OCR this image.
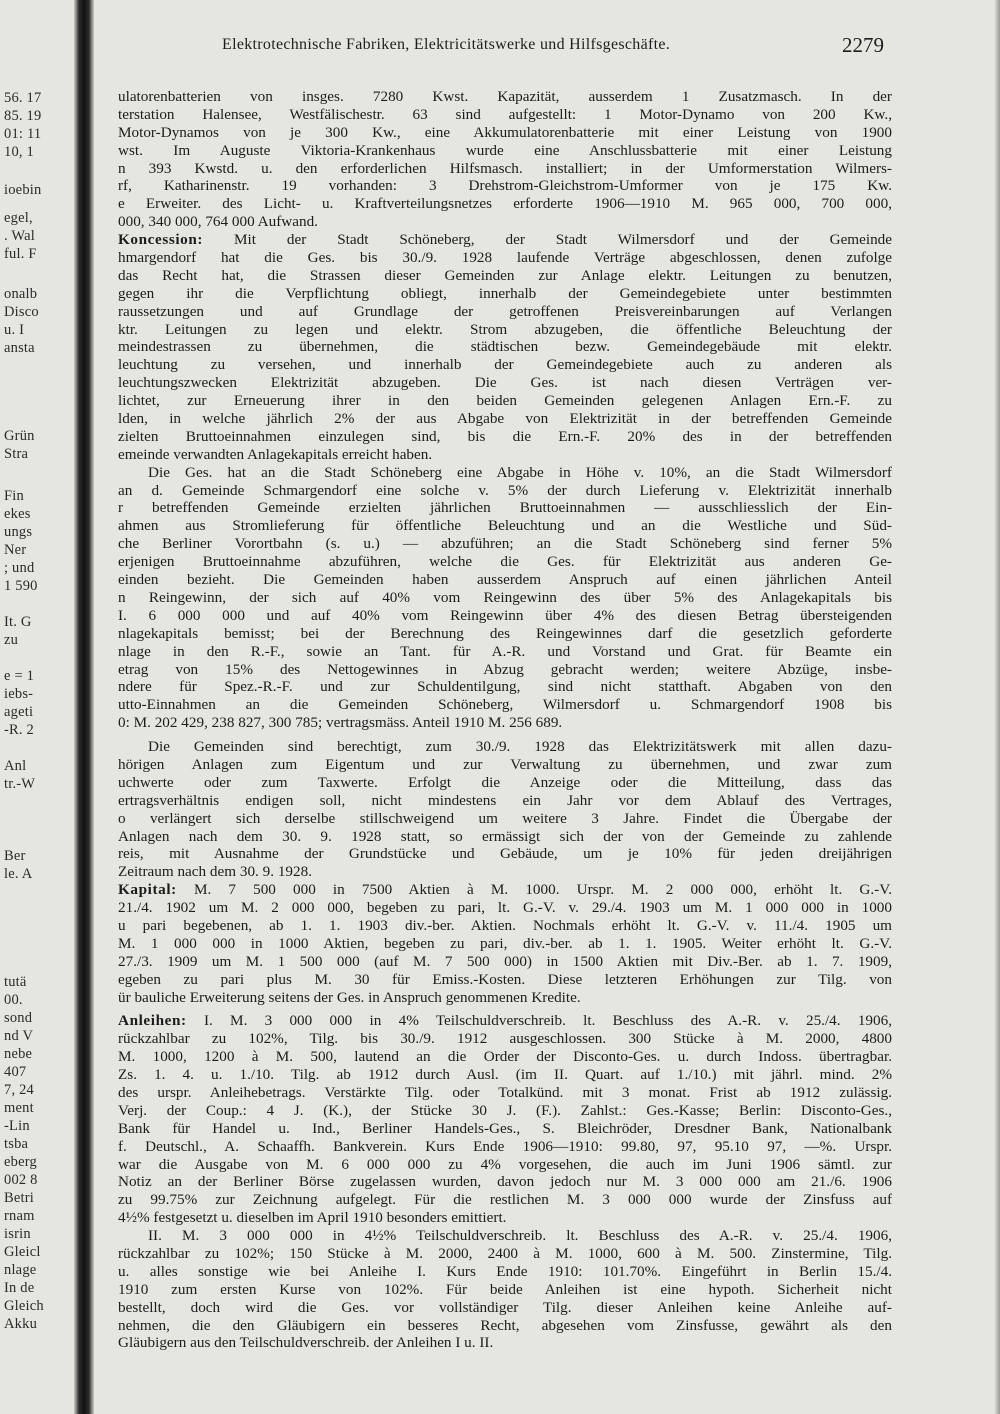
56. 17
85. 19
01: 11
10, 1
ioebin
egel,
. Wal
ful. F
onalb
Disco
u. I
ansta
Grün
Stra
Fin
ekes
ungs
Ner
; und
1 590
It. G
zu
e = 1
iebs-
ageti
-R. 2
Anl
tr.-W
Ber
le. A
tutä
00.
sond
nd V
nebe
407
7, 24
ment
-Lin
tsba
eberg
002 8
Betri
rnam
isrin
Gleicl
nlage
In de
Gleich
Akku
Elektrotechnische Fabriken, Elektricitätswerke und Hilfsgeschäfte.	2279
ulatorenbatterien von insges. 7280 Kwst. Kapazität, ausserdem 1 Zusatzmasch. In der
terstation Halensee, Westfälischestr. 63 sind aufgestellt: 1 Motor-Dynamo von 200 Kw.,
Motor-Dynamos von je 300 Kw., eine Akkumulatorenbatterie mit einer Leistung von 1900
wst. Im Auguste Viktoria-Krankenhaus wurde eine Anschlussbatterie mit einer Leistung
n 393 Kwstd. u. den erforderlichen Hilfsmasch. installiert; in der Umformerstation Wilmers-
rf, Katharinenstr. 19 vorhanden: 3 Drehstrom-Gleichstrom-Umformer von je 175 Kw.
e Erweiter. des Licht- u. Kraftverteilungsnetzes erforderte 1906—1910 M. 965 000, 700 000,
000, 340 000, 764 000 Aufwand.
Koncession: Mit der Stadt Schöneberg, der Stadt Wilmersdorf und der Gemeinde
hmargendorf hat die Ges. bis 30./9. 1928 laufende Verträge abgeschlossen, denen zufolge
das Recht hat, die Strassen dieser Gemeinden zur Anlage elektr. Leitungen zu benutzen,
gegen ihr die Verpflichtung obliegt, innerhalb der Gemeindegebiete unter bestimmten
raussetzungen und auf Grundlage der getroffenen Preisvereinbarungen auf Verlangen
ktr. Leitungen zu legen und elektr. Strom abzugeben, die öffentliche Beleuchtung der
meindestrassen zu übernehmen, die städtischen bezw. Gemeindegebäude mit elektr.
leuchtung zu versehen, und innerhalb der Gemeindegebiete auch zu anderen als
leuchtungszwecken Elektrizität abzugeben. Die Ges. ist nach diesen Verträgen ver-
lichtet, zur Erneuerung ihrer in den beiden Gemeinden gelegenen Anlagen Ern.-F. zu
lden, in welche jährlich 2% der aus Abgabe von Elektrizität in der betreffenden Gemeinde
zielten Bruttoeinnahmen einzulegen sind, bis die Ern.-F. 20% des in der betreffenden
emeinde verwandten Anlagekapitals erreicht haben.
Die Ges. hat an die Stadt Schöneberg eine Abgabe in Höhe v. 10%, an die Stadt Wilmersdorf
an d. Gemeinde Schmargendorf eine solche v. 5% der durch Lieferung v. Elektrizität innerhalb
r betreffenden Gemeinde erzielten jährlichen Bruttoeinnahmen — ausschliesslich der Ein-
ahmen aus Stromlieferung für öffentliche Beleuchtung und an die Westliche und Süd-
che Berliner Vorortbahn (s. u.) — abzuführen; an die Stadt Schöneberg sind ferner 5%
erjenigen Bruttoeinnahme abzuführen, welche die Ges. für Elektrizität aus anderen Ge-
einden bezieht. Die Gemeinden haben ausserdem Anspruch auf einen jährlichen Anteil
n Reingewinn, der sich auf 40% vom Reingewinn des über 5% des Anlagekapitals bis
I. 6 000 000 und auf 40% vom Reingewinn über 4% des diesen Betrag übersteigenden
nlagekapitals bemisst; bei der Berechnung des Reingewinnes darf die gesetzlich geforderte
nlage in den R.-F., sowie an Tant. für A.-R. und Vorstand und Grat. für Beamte ein
etrag von 15% des Nettogewinnes in Abzug gebracht werden; weitere Abzüge, insbe-
ndere für Spez.-R.-F. und zur Schuldentilgung, sind nicht statthaft. Abgaben von den
utto-Einnahmen an die Gemeinden Schöneberg, Wilmersdorf u. Schmargendorf 1908 bis
0: M. 202 429, 238 827, 300 785; vertragsmäss. Anteil 1910 M. 256 689.
Die Gemeinden sind berechtigt, zum 30./9. 1928 das Elektrizitätswerk mit allen dazu-
hörigen Anlagen zum Eigentum und zur Verwaltung zu übernehmen, und zwar zum
uchwerte oder zum Taxwerte. Erfolgt die Anzeige oder die Mitteilung, dass das
ertragsverhältnis endigen soll, nicht mindestens ein Jahr vor dem Ablauf des Vertrages,
o verlängert sich derselbe stillschweigend um weitere 3 Jahre. Findet die Übergabe der
Anlagen nach dem 30. 9. 1928 statt, so ermässigt sich der von der Gemeinde zu zahlende
reis, mit Ausnahme der Grundstücke und Gebäude, um je 10% für jeden dreijährigen
Zeitraum nach dem 30. 9. 1928.
Kapital: M. 7 500 000 in 7500 Aktien à M. 1000. Urspr. M. 2 000 000, erhöht lt. G.-V.
21./4. 1902 um M. 2 000 000, begeben zu pari, lt. G.-V. v. 29./4. 1903 um M. 1 000 000 in 1000
u pari begebenen, ab 1. 1. 1903 div.-ber. Aktien. Nochmals erhöht lt. G.-V. v. 11./4. 1905 um
M. 1 000 000 in 1000 Aktien, begeben zu pari, div.-ber. ab 1. 1. 1905. Weiter erhöht lt. G.-V.
27./3. 1909 um M. 1 500 000 (auf M. 7 500 000) in 1500 Aktien mit Div.-Ber. ab 1. 7. 1909,
egeben zu pari plus M. 30 für Emiss.-Kosten. Diese letzteren Erhöhungen zur Tilg. von
ür bauliche Erweiterung seitens der Ges. in Anspruch genommenen Kredite.
Anleihen: I. M. 3 000 000 in 4% Teilschuldverschreib. lt. Beschluss des A.-R. v. 25./4. 1906,
rückzahlbar zu 102%, Tilg. bis 30./9. 1912 ausgeschlossen. 300 Stücke à M. 2000, 4800
M. 1000, 1200 à M. 500, lautend an die Order der Disconto-Ges. u. durch Indoss. übertragbar.
Zs. 1. 4. u. 1./10. Tilg. ab 1912 durch Ausl. (im II. Quart. auf 1./10.) mit jährl. mind. 2%
des urspr. Anleihebetrags. Verstärkte Tilg. oder Totalkünd. mit 3 monat. Frist ab 1912 zulässig.
Verj. der Coup.: 4 J. (K.), der Stücke 30 J. (F.). Zahlst.: Ges.-Kasse; Berlin: Disconto-Ges.,
Bank für Handel u. Ind., Berliner Handels-Ges., S. Bleichröder, Dresdner Bank, Nationalbank
f. Deutschl., A. Schaaffh. Bankverein. Kurs Ende 1906—1910: 99.80, 97, 95.10 97, —%. Urspr.
war die Ausgabe von M. 6 000 000 zu 4% vorgesehen, die auch im Juni 1906 sämtl. zur
Notiz an der Berliner Börse zugelassen wurden, davon jedoch nur M. 3 000 000 am 21./6. 1906
zu 99.75% zur Zeichnung aufgelegt. Für die restlichen M. 3 000 000 wurde der Zinsfuss auf
4½% festgesetzt u. dieselben im April 1910 besonders emittiert.
II. M. 3 000 000 in 4½% Teilschuldverschreib. lt. Beschluss des A.-R. v. 25./4. 1906,
rückzahlbar zu 102%; 150 Stücke à M. 2000, 2400 à M. 1000, 600 à M. 500. Zinstermine, Tilg.
u. alles sonstige wie bei Anleihe I. Kurs Ende 1910: 101.70%. Eingeführt in Berlin 15./4.
1910 zum ersten Kurse von 102%. Für beide Anleihen ist eine hypoth. Sicherheit nicht
bestellt, doch wird die Ges. vor vollständiger Tilg. dieser Anleihen keine Anleihe auf-
nehmen, die den Gläubigern ein besseres Recht, abgesehen vom Zinsfusse, gewährt als den
Gläubigern aus den Teilschuldverschreib. der Anleihen I u. II.
